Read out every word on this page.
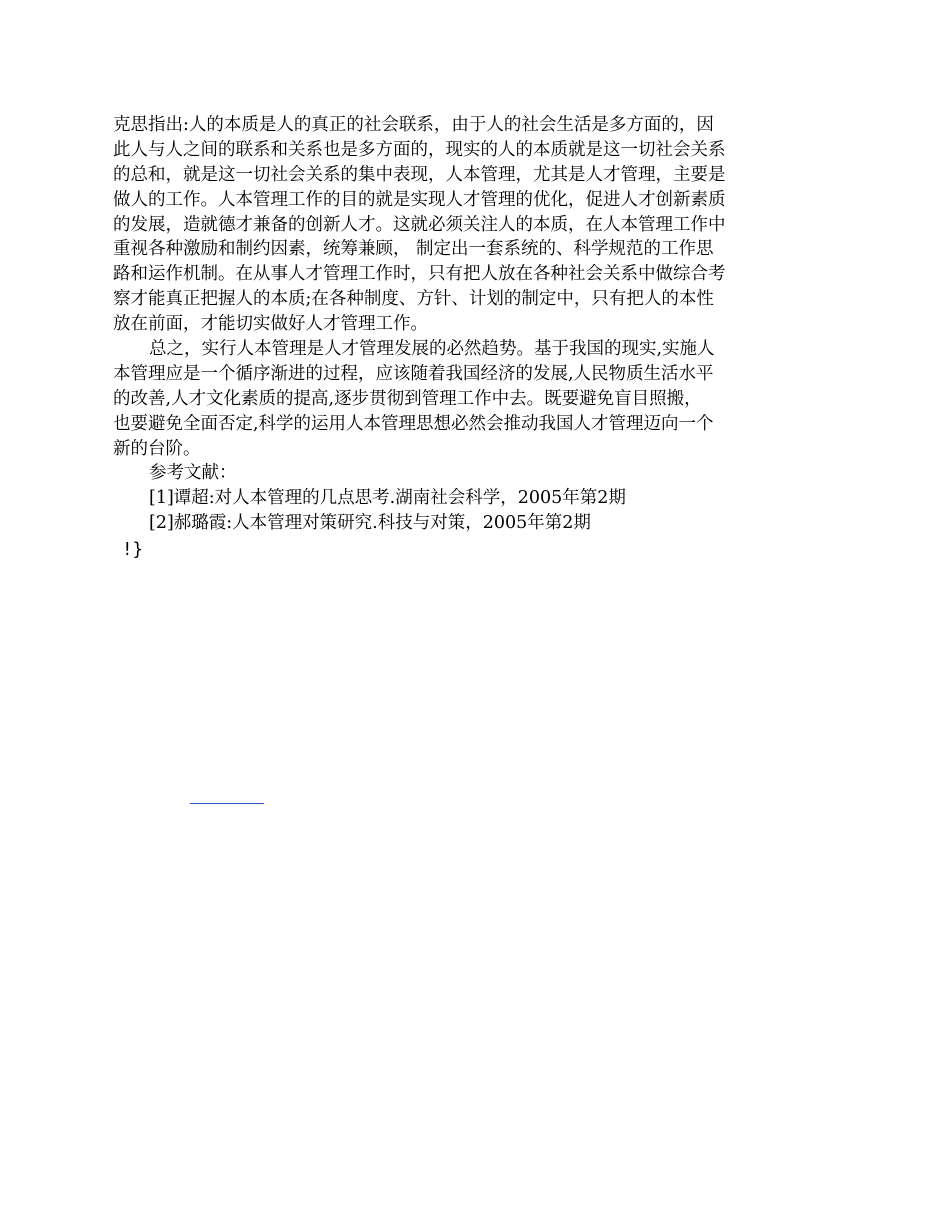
克思指出:人的本质是人的真正的社会联系，由于人的社会生活是多方面的，因
此人与人之间的联系和关系也是多方面的，现实的人的本质就是这一切社会关系
的总和，就是这一切社会关系的集中表现，人本管理，尤其是人才管理，主要是
做人的工作。人本管理工作的目的就是实现人才管理的优化，促进人才创新素质
的发展，造就德才兼备的创新人才。这就必须关注人的本质，在人本管理工作中
重视各种激励和制约因素，统筹兼顾， 制定出一套系统的、科学规范的工作思
路和运作机制。在从事人才管理工作时，只有把人放在各种社会关系中做综合考
察才能真正把握人的本质;在各种制度、方针、计划的制定中，只有把人的本性
放在前面，才能切实做好人才管理工作。
总之，实行人本管理是人才管理发展的必然趋势。基于我国的现实,实施人
本管理应是一个循序渐进的过程，应该随着我国经济的发展,人民物质生活水平
的改善,人才文化素质的提高,逐步贯彻到管理工作中去。既要避免盲目照搬，
也要避免全面否定,科学的运用人本管理思想必然会推动我国人才管理迈向一个
新的台阶。
参考文献：
[1]谭超:对人本管理的几点思考.湖南社会科学，2005年第2期
[2]郝璐霞:人本管理对策研究.科技与对策，2005年第2期
!}
